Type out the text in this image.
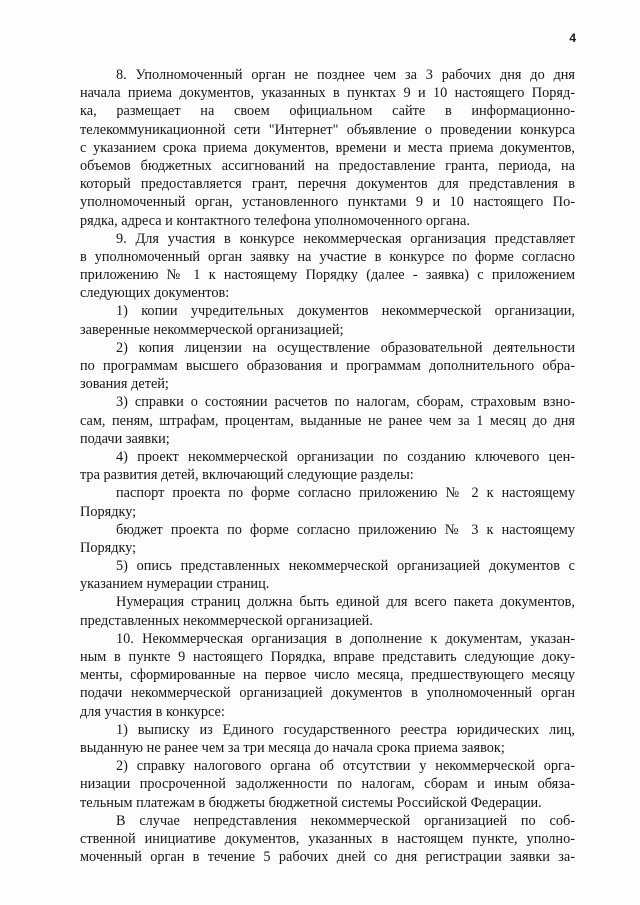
4
8. Уполномоченный орган не позднее чем за 3 рабочих дня до дня
начала приема документов, указанных в пунктах 9 и 10 настоящего Поряд-
ка, размещает на своем официальном сайте в информационно-
телекоммуникационной сети "Интернет" объявление о проведении конкурса
с указанием срока приема документов, времени и места приема документов,
объемов бюджетных ассигнований на предоставление гранта, периода, на
который предоставляется грант, перечня документов для представления в
уполномоченный орган, установленного пунктами 9 и 10 настоящего По-
рядка, адреса и контактного телефона уполномоченного органа.
9. Для участия в конкурсе некоммерческая организация представляет
в уполномоченный орган заявку на участие в конкурсе по форме согласно
приложению № 1 к настоящему Порядку (далее - заявка) с приложением
следующих документов:
1) копии учредительных документов некоммерческой организации,
заверенные некоммерческой организацией;
2) копия лицензии на осуществление образовательной деятельности
по программам высшего образования и программам дополнительного обра-
зования детей;
3) справки о состоянии расчетов по налогам, сборам, страховым взно-
сам, пеням, штрафам, процентам, выданные не ранее чем за 1 месяц до дня
подачи заявки;
4) проект некоммерческой организации по созданию ключевого цен-
тра развития детей, включающий следующие разделы:
паспорт проекта по форме согласно приложению № 2 к настоящему
Порядку;
бюджет проекта по форме согласно приложению № 3 к настоящему
Порядку;
5) опись представленных некоммерческой организацией документов с
указанием нумерации страниц.
Нумерация страниц должна быть единой для всего пакета документов,
представленных некоммерческой организацией.
10. Некоммерческая организация в дополнение к документам, указан-
ным в пункте 9 настоящего Порядка, вправе представить следующие доку-
менты, сформированные на первое число месяца, предшествующего месяцу
подачи некоммерческой организацией документов в уполномоченный орган
для участия в конкурсе:
1) выписку из Единого государственного реестра юридических лиц,
выданную не ранее чем за три месяца до начала срока приема заявок;
2) справку налогового органа об отсутствии у некоммерческой орга-
низации просроченной задолженности по налогам, сборам и иным обяза-
тельным платежам в бюджеты бюджетной системы Российской Федерации.
В случае непредставления некоммерческой организацией по соб-
ственной инициативе документов, указанных в настоящем пункте, уполно-
моченный орган в течение 5 рабочих дней со дня регистрации заявки за-
